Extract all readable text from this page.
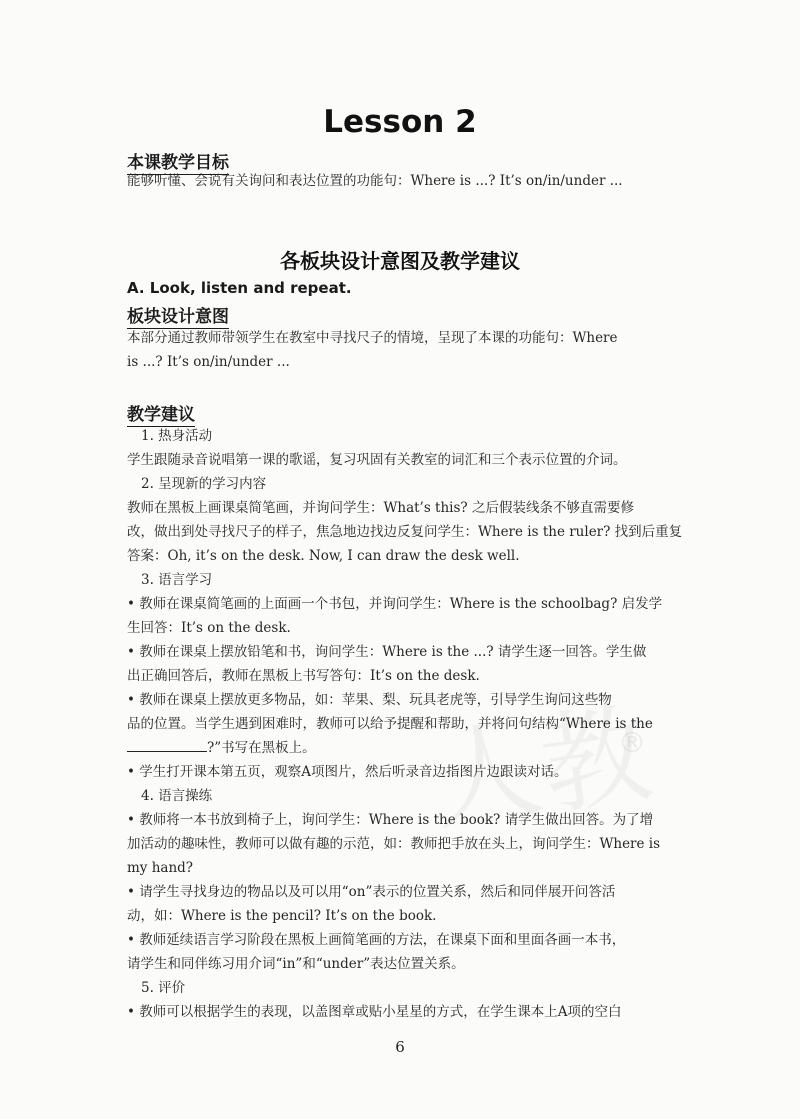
®
Lesson 2
本课教学目标
能够听懂、会说有关询问和表达位置的功能句：Where is ...? It’s on/in/under ...
各板块设计意图及教学建议
A. Look, listen and repeat.
板块设计意图
本部分通过教师带领学生在教室中寻找尺子的情境，呈现了本课的功能句：Where
is ...? It’s on/in/under ...
教学建议
1. 热身活动
学生跟随录音说唱第一课的歌谣，复习巩固有关教室的词汇和三个表示位置的介词。
2. 呈现新的学习内容
教师在黑板上画课桌简笔画，并询问学生：What’s this? 之后假装线条不够直需要修
改，做出到处寻找尺子的样子，焦急地边找边反复问学生：Where is the ruler? 找到后重复
答案：Oh, it’s on the desk. Now, I can draw the desk well.
3. 语言学习
• 教师在课桌简笔画的上面画一个书包，并询问学生：Where is the schoolbag? 启发学
生回答：It’s on the desk.
• 教师在课桌上摆放铅笔和书，询问学生：Where is the ...? 请学生逐一回答。学生做
出正确回答后，教师在黑板上书写答句：It’s on the desk.
• 教师在课桌上摆放更多物品，如：苹果、梨、玩具老虎等，引导学生询问这些物
品的位置。当学生遇到困难时，教师可以给予提醒和帮助，并将问句结构“Where is the
?”书写在黑板上。
• 学生打开课本第五页，观察A项图片，然后听录音边指图片边跟读对话。
4. 语言操练
• 教师将一本书放到椅子上，询问学生：Where is the book? 请学生做出回答。为了增
加活动的趣味性，教师可以做有趣的示范，如：教师把手放在头上，询问学生：Where is
my hand?
• 请学生寻找身边的物品以及可以用“on”表示的位置关系，然后和同伴展开问答活
动，如：Where is the pencil? It’s on the book.
• 教师延续语言学习阶段在黑板上画简笔画的方法，在课桌下面和里面各画一本书，
请学生和同伴练习用介词“in”和“under”表达位置关系。
5. 评价
• 教师可以根据学生的表现，以盖图章或贴小星星的方式，在学生课本上A项的空白
6
